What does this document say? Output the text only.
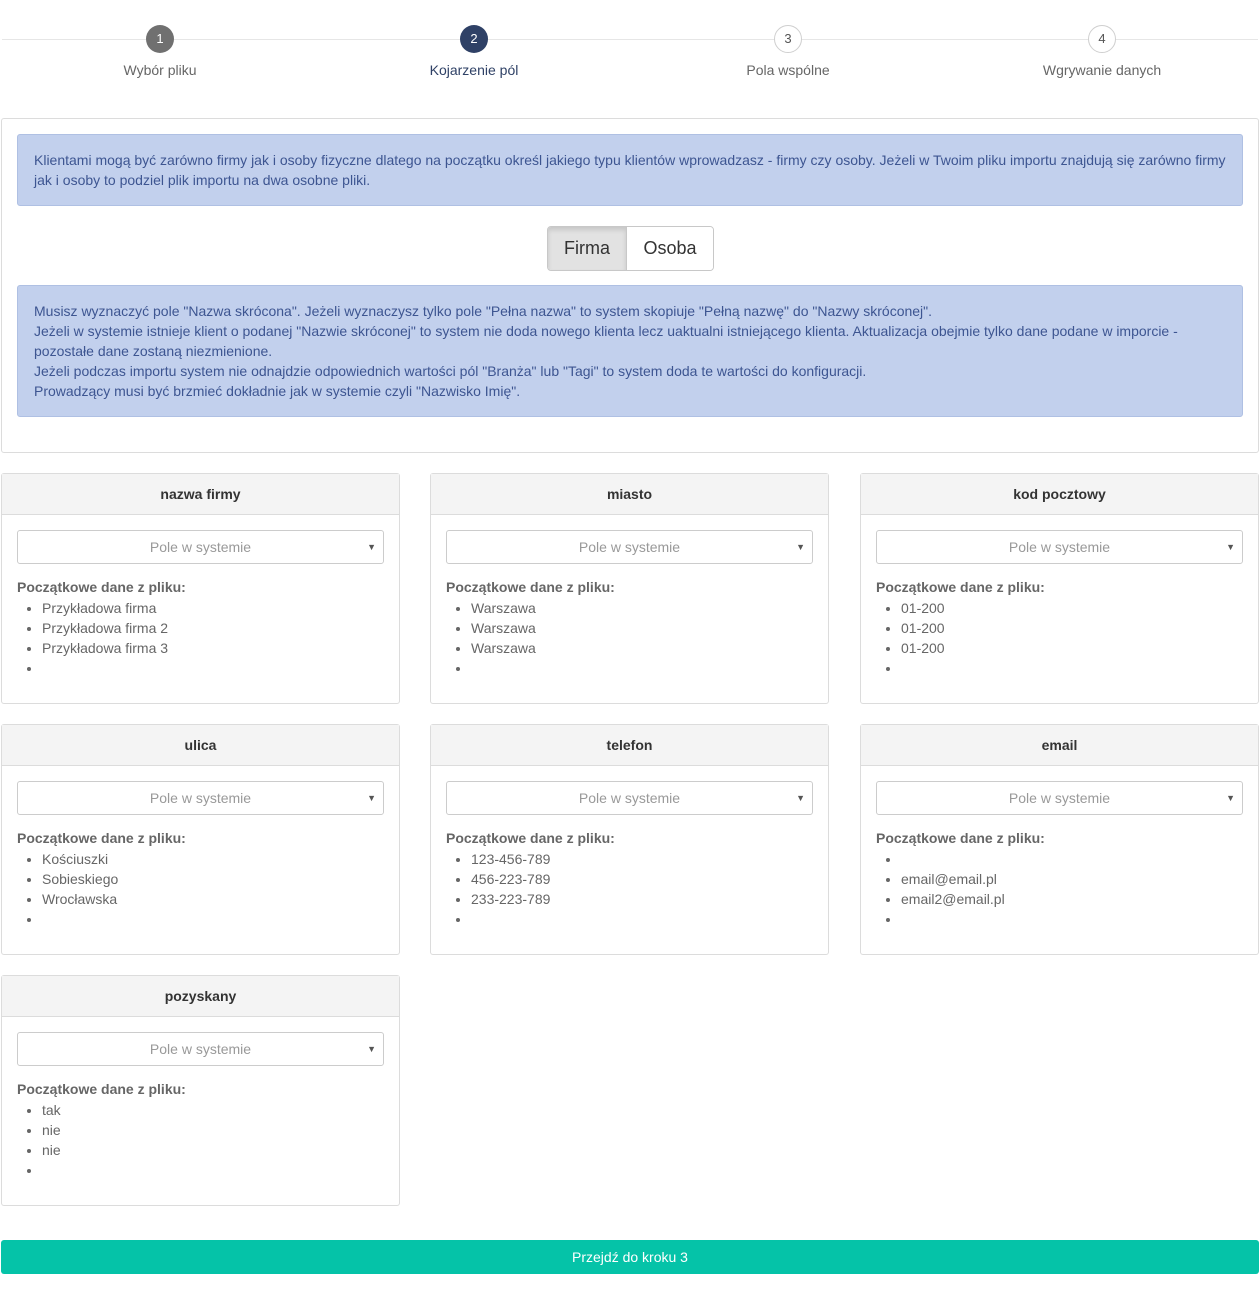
1
Wybór pliku
2
Kojarzenie pól
3
Pola wspólne
4
Wgrywanie danych
Klientami mogą być zarówno firmy jak i osoby fizyczne dlatego na początku określ jakiego typu klientów wprowadzasz - firmy czy osoby. Jeżeli w Twoim pliku importu znajdują się zarówno firmy jak i osoby to podziel plik importu na dwa osobne pliki.
Firma	Osoba

Musisz wyznaczyć pole "Nazwa skrócona". Jeżeli wyznaczysz tylko pole "Pełna nazwa" to system skopiuje "Pełną nazwę" do "Nazwy skróconej".

Jeżeli w systemie istnieje klient o podanej "Nazwie skróconej" to system nie doda nowego klienta lecz uaktualni istniejącego klienta. Aktualizacja obejmie tylko dane podane w imporcie - pozostałe dane zostaną niezmienione.

Jeżeli podczas importu system nie odnajdzie odpowiednich wartości pól "Branża" lub "Tagi" to system doda te wartości do konfiguracji.

Prowadzący musi być brzmieć dokładnie jak w systemie czyli "Nazwisko Imię".

nazwa firmy
Pole w systemie	▼
Początkowe dane z pliku:
• Przykładowa firma
• Przykładowa firma 2
• Przykładowa firma 3
•
miasto
Pole w systemie	▼
Początkowe dane z pliku:
• Warszawa
• Warszawa
• Warszawa
•
kod pocztowy
Pole w systemie	▼
Początkowe dane z pliku:
• 01-200
• 01-200
• 01-200
•
ulica
Pole w systemie	▼
Początkowe dane z pliku:
• Kościuszki
• Sobieskiego
• Wrocławska
•
telefon
Pole w systemie	▼
Początkowe dane z pliku:
• 123-456-789
• 456-223-789
• 233-223-789
•
email
Pole w systemie	▼
Początkowe dane z pliku:
•
• email@email.pl
• email2@email.pl
•
pozyskany
Pole w systemie	▼
Początkowe dane z pliku:
• tak
• nie
• nie
•
Przejdź do kroku 3
